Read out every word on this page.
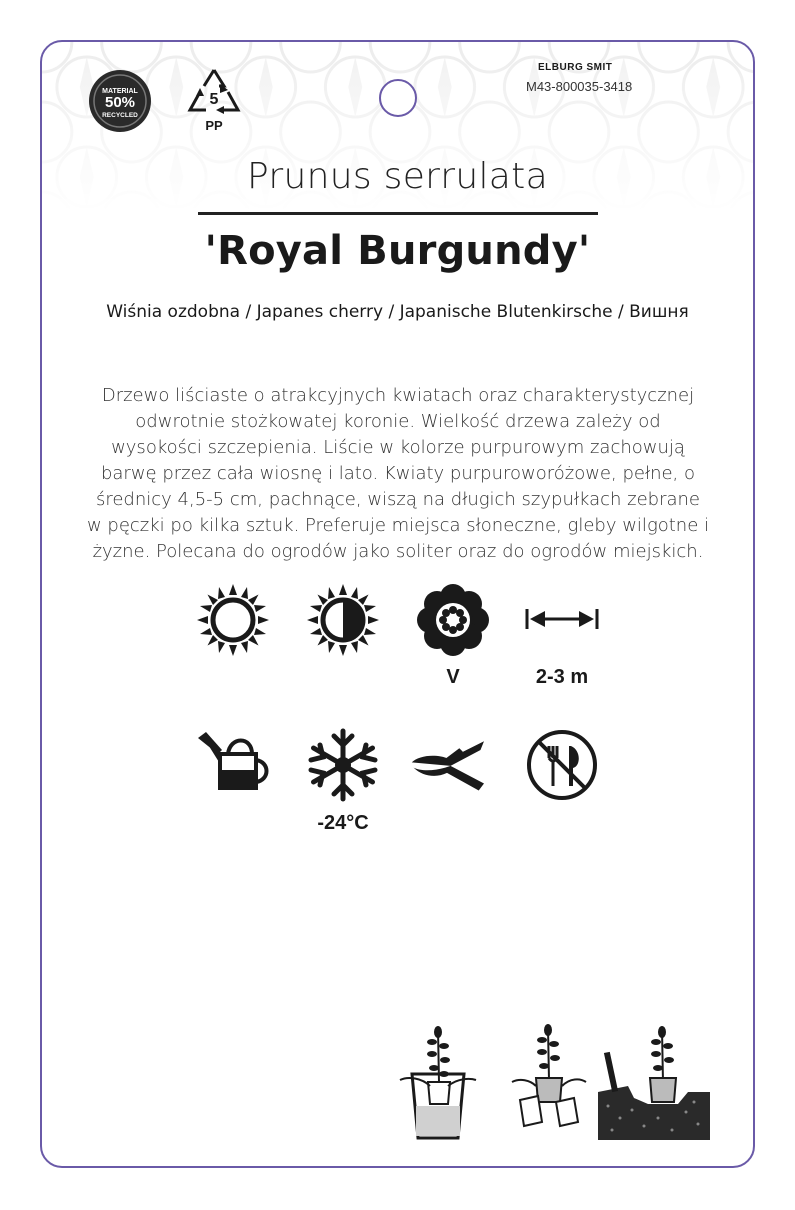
MATERIAL
50%
RECYCLED
5
PP
ELBURG SMIT
M43-800035-3418
Prunus serrulata
'Royal Burgundy'
Wiśnia ozdobna / Japanes cherry / Japanische Blutenkirsche / Вишня
Drzewo liściaste o atrakcyjnych kwiatach oraz charakterystycznej
odwrotnie stożkowatej koronie. Wielkość drzewa zależy od
wysokości szczepienia. Liście w kolorze purpurowym zachowują
barwę przez cała wiosnę i lato. Kwiaty purpuroworóżowe, pełne, o
średnicy 4,5-5 cm, pachnące, wiszą na długich szypułkach zebrane
w pęczki po kilka sztuk. Preferuje miejsca słoneczne, gleby wilgotne i
żyzne. Polecana do ogrodów jako soliter oraz do ogrodów miejskich.
V	2-3 m
-24°C
